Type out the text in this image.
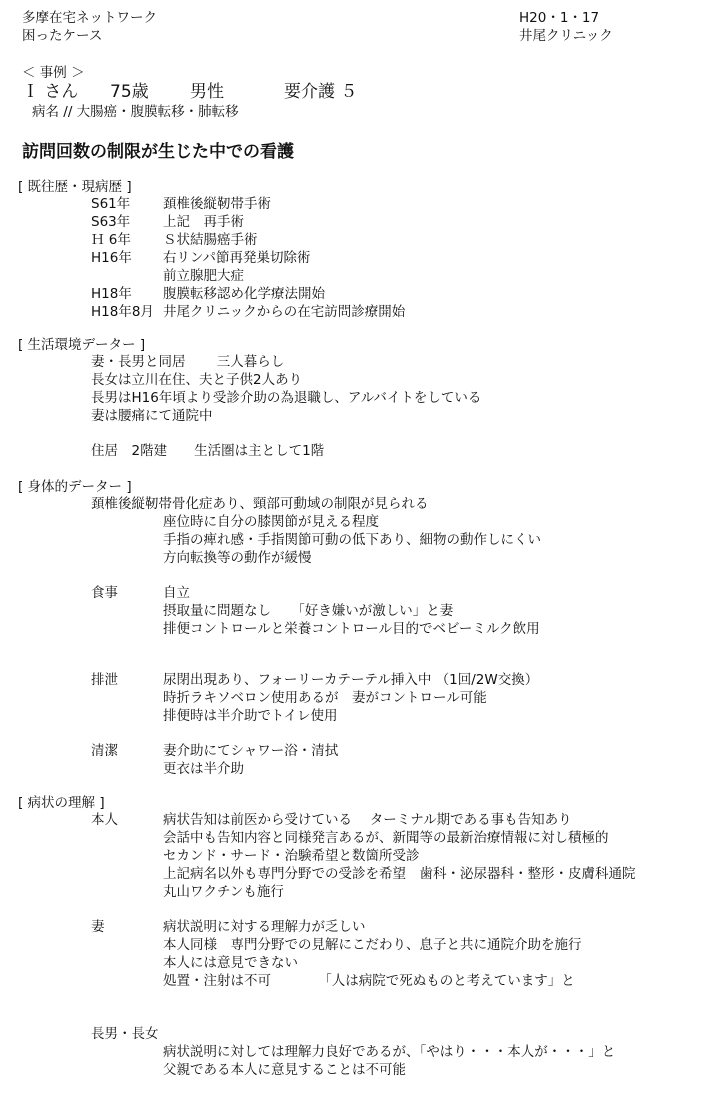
多摩在宅ネットワーク
困ったケース
H20・1・17
井尾クリニック
＜ 事例 ＞
Ｉ さん 75歳 男性	要介護 ５
病名 // 大腸癌・腹膜転移・肺転移
訪問回数の制限が生じた中での看護
[ 既往歴・現病歴 ]
S61年 頚椎後縦靭帯手術
S63年 上記　再手術
Ｈ 6年 Ｓ状結腸癌手術
H16年 右リンパ節再発巣切除術
前立腺肥大症
H18年 腹膜転移認め化学療法開始
H18年8月 井尾クリニックからの在宅訪問診療開始
[ 生活環境データー ]
妻・長男と同居　　 三人暮らし
長女は立川在住、夫と子供2人あり
長男はH16年頃より受診介助の為退職し、アルバイトをしている
妻は腰痛にて通院中
住居　2階建　　生活圏は主として1階
[ 身体的データー ]
頚椎後縦靭帯骨化症あり、頸部可動域の制限が見られる
座位時に自分の膝関節が見える程度
手指の痺れ感・手指関節可動の低下あり、細物の動作しにくい
方向転換等の動作が緩慢
食事	自立
摂取量に問題なし　　「好き嫌いが激しい」と妻
排便コントロールと栄養コントロール目的でベビーミルク飲用
排泄	尿閉出現あり、フォーリーカテーテル挿入中 （1回/2W交換）
時折ラキソベロン使用あるが　妻がコントロール可能
排便時は半介助でトイレ使用
清潔	妻介助にてシャワー浴・清拭
更衣は半介助
[ 病状の理解 ]
本人	病状告知は前医から受けている　 ターミナル期である事も告知あり
会話中も告知内容と同様発言あるが、新聞等の最新治療情報に対し積極的
セカンド・サード・治験希望と数箇所受診
上記病名以外も専門分野での受診を希望　歯科・泌尿器科・整形・皮膚科通院
丸山ワクチンも施行
妻	病状説明に対する理解力が乏しい
本人同様　専門分野での見解にこだわり、息子と共に通院介助を施行
本人には意見できない
処置・注射は不可　　　　「人は病院で死ぬものと考えています」と
長男・長女
病状説明に対しては理解力良好であるが、「やはり・・・本人が・・・」と
父親である本人に意見することは不可能
